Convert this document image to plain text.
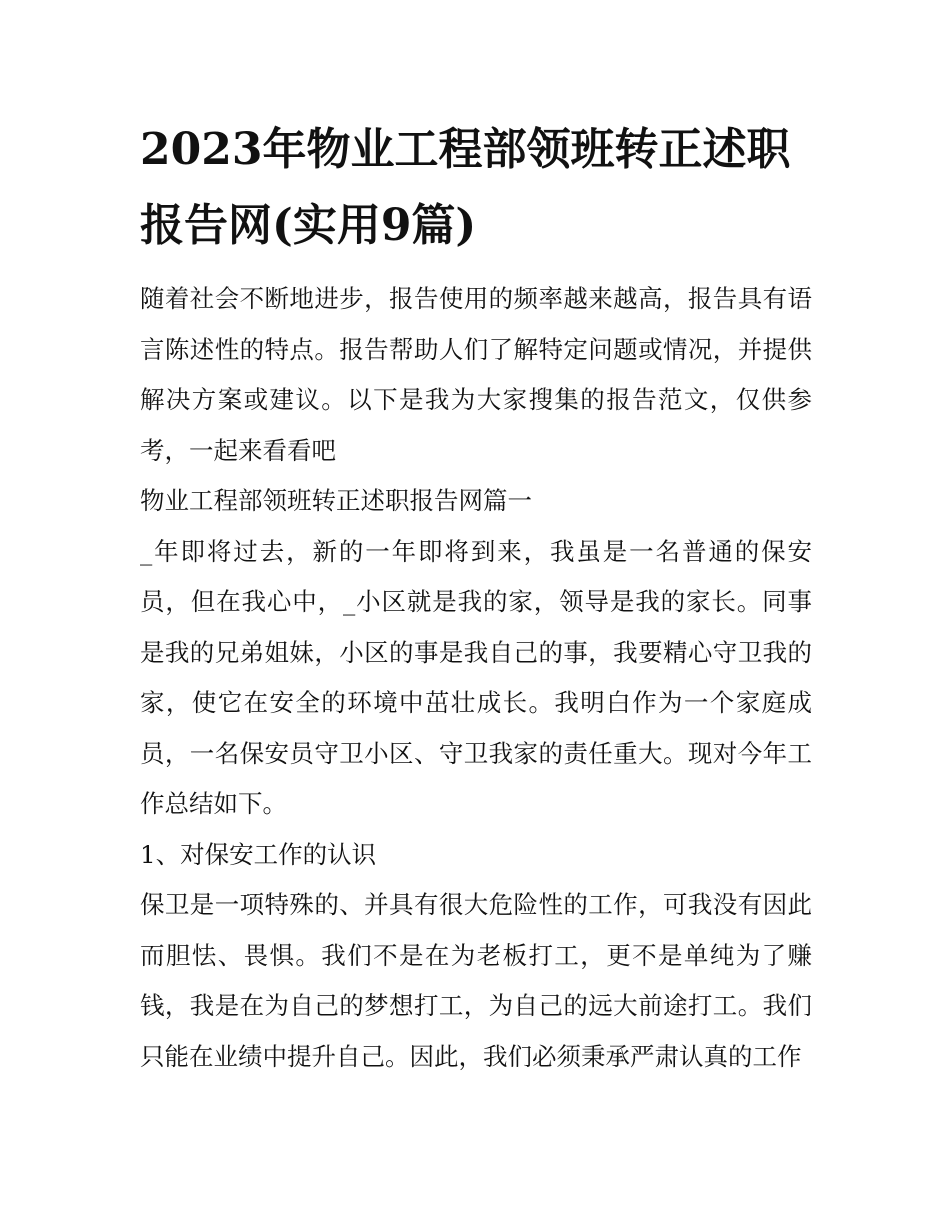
2023年物业工程部领班转正述职报告网(实用9篇)

随着社会不断地进步，报告使用的频率越来越高，报告具有语言陈述性的特点。报告帮助人们了解特定问题或情况，并提供解决方案或建议。以下是我为大家搜集的报告范文，仅供参考，一起来看看吧

物业工程部领班转正述职报告网篇一

_年即将过去，新的一年即将到来，我虽是一名普通的保安员，但在我心中，_小区就是我的家，领导是我的家长。同事是我的兄弟姐妹，小区的事是我自己的事，我要精心守卫我的家，使它在安全的环境中茁壮成长。我明白作为一个家庭成员，一名保安员守卫小区、守卫我家的责任重大。现对今年工作总结如下。

1、对保安工作的认识

保卫是一项特殊的、并具有很大危险性的工作，可我没有因此而胆怯、畏惧。我们不是在为老板打工，更不是单纯为了赚钱，我是在为自己的梦想打工，为自己的远大前途打工。我们只能在业绩中提升自己。因此，我们必须秉承严肃认真的工作
